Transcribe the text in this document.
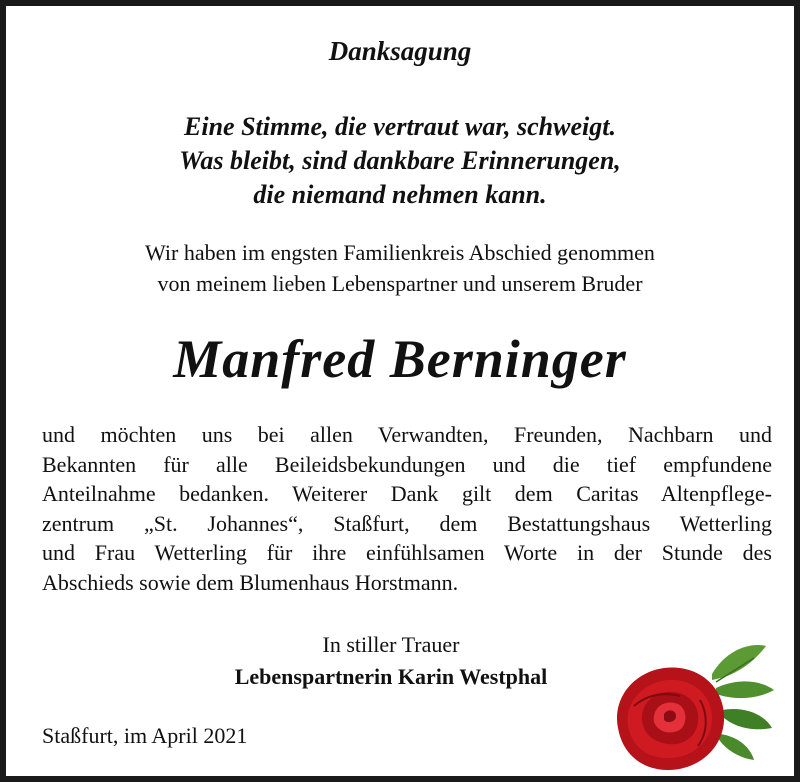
Danksagung
Eine Stimme, die vertraut war, schweigt.
Was bleibt, sind dankbare Erinnerungen,
die niemand nehmen kann.
Wir haben im engsten Familienkreis Abschied genommen
von meinem lieben Lebenspartner und unserem Bruder
Manfred Berninger
und möchten uns bei allen Verwandten, Freunden, Nachbarn und
Bekannten für alle Beileidsbekundungen und die tief empfundene
Anteilnahme bedanken. Weiterer Dank gilt dem Caritas Altenpflege-
zentrum „St. Johannes“, Staßfurt, dem Bestattungshaus Wetterling
und Frau Wetterling für ihre einfühlsamen Worte in der Stunde des
Abschieds sowie dem Blumenhaus Horstmann.
In stiller Trauer
Lebenspartnerin Karin Westphal
Staßfurt, im April 2021
